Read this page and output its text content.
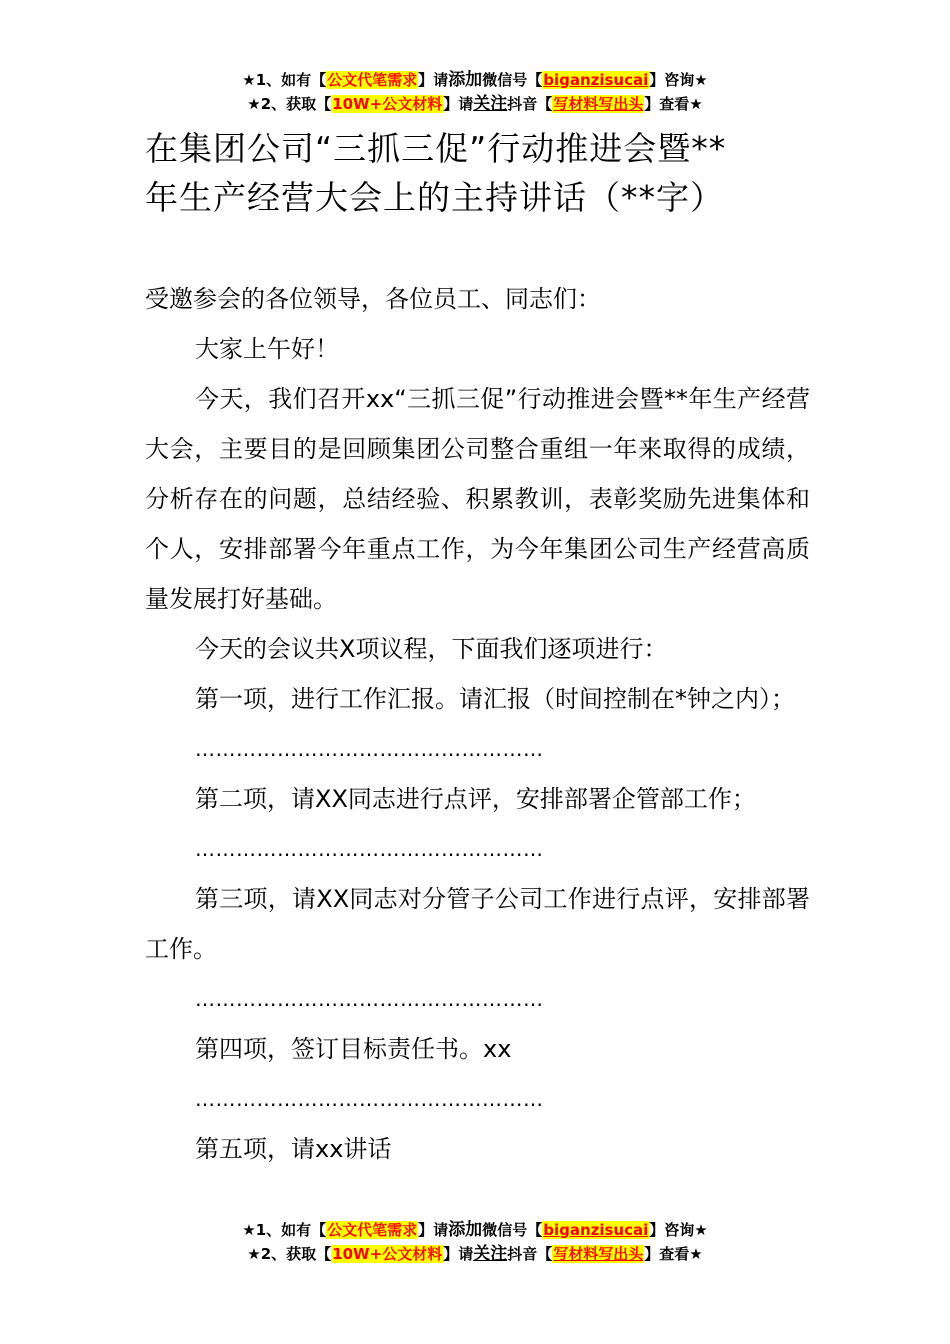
★1、如有【公文代笔需求】请添加微信号【biganzisucai】咨询★
★2、获取【10W+公文材料】请关注抖音【写材料写出头】查看★
在集团公司“三抓三促”行动推进会暨**
年生产经营大会上的主持讲话（**字）

受邀参会的各位领导，各位员工、同志们：

大家上午好！

今天，我们召开xx“三抓三促”行动推进会暨**年生产经营大会，主要目的是回顾集团公司整合重组一年来取得的成绩，分析存在的问题，总结经验、积累教训，表彰奖励先进集体和个人，安排部署今年重点工作，为今年集团公司生产经营高质量发展打好基础。

今天的会议共X项议程，下面我们逐项进行：

第一项，进行工作汇报。请汇报（时间控制在*钟之内）；

……………………………………………

第二项，请XX同志进行点评，安排部署企管部工作；

……………………………………………

第三项，请XX同志对分管子公司工作进行点评，安排部署工作。

……………………………………………

第四项，签订目标责任书。xx

……………………………………………

第五项，请xx讲话

★1、如有【公文代笔需求】请添加微信号【biganzisucai】咨询★
★2、获取【10W+公文材料】请关注抖音【写材料写出头】查看★
